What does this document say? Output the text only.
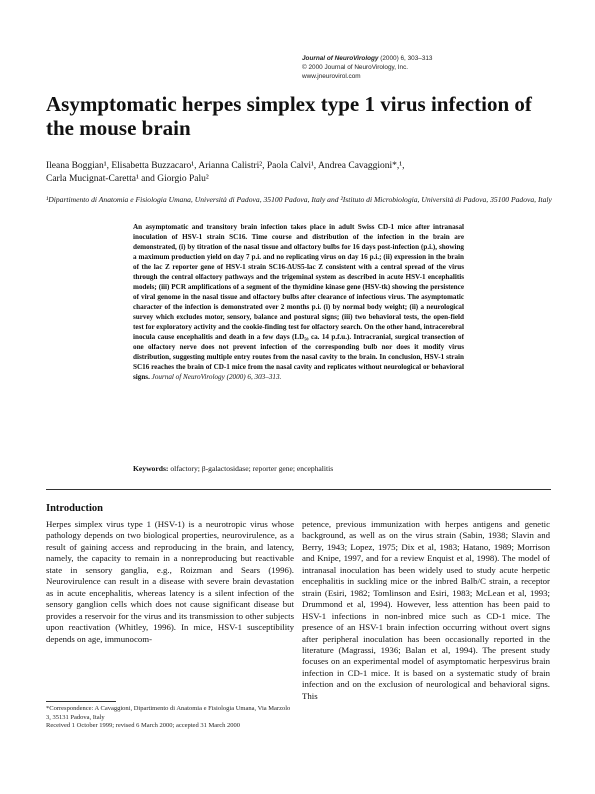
Journal of NeuroVirology (2000) 6, 303–313
© 2000 Journal of NeuroVirology, Inc.
www.jneurovirol.com
Asymptomatic herpes simplex type 1 virus infection of the mouse brain
Ileana Boggian¹, Elisabetta Buzzacaro¹, Arianna Calistri², Paola Calvi¹, Andrea Cavaggioni*,¹,
Carla Mucignat-Caretta¹ and Giorgio Palu²
¹Dipartimento di Anatomia e Fisiologia Umana, Università di Padova, 35100 Padova, Italy and ²Istituto di Microbiologia, Università di Padova, 35100 Padova, Italy

An asymptomatic and transitory brain infection takes place in adult Swiss CD-1 mice after intranasal inoculation of HSV-1 strain SC16. Time course and distribution of the infection in the brain are demonstrated, (i) by titration of the nasal tissue and olfactory bulbs for 16 days post-infection (p.i.), showing a maximum production yield on day 7 p.i. and no replicating virus on day 16 p.i.; (ii) expression in the brain of the lac Z reporter gene of HSV-1 strain SC16-ΔUS5-lac Z consistent with a central spread of the virus through the central olfactory pathways and the trigeminal system as described in acute HSV-1 encephalitis models; (iii) PCR amplifications of a segment of the thymidine kinase gene (HSV-tk) showing the persistence of viral genome in the nasal tissue and olfactory bulbs after clearance of infectious virus. The asymptomatic character of the infection is demonstrated over 2 months p.i. (i) by normal body weight; (ii) a neurological survey which excludes motor, sensory, balance and postural signs; (iii) two behavioral tests, the open-field test for exploratory activity and the cookie-finding test for olfactory search. On the other hand, intracerebral inocula cause encephalitis and death in a few days (LD₅₀ ca. 14 p.f.u.). Intracranial, surgical transection of one olfactory nerve does not prevent infection of the corresponding bulb nor does it modify virus distribution, suggesting multiple entry routes from the nasal cavity to the brain. In conclusion, HSV-1 strain SC16 reaches the brain of CD-1 mice from the nasal cavity and replicates without neurological or behavioral signs. Journal of NeuroVirology (2000) 6, 303–313.

Keywords: olfactory; β-galactosidase; reporter gene; encephalitis
Introduction

Herpes simplex virus type 1 (HSV-1) is a neurotropic virus whose pathology depends on two biological properties, neurovirulence, as a result of gaining access and reproducing in the brain, and latency, namely, the capacity to remain in a nonreproducing but reactivable state in sensory ganglia, e.g., Roizman and Sears (1996). Neurovirulence can result in a disease with severe brain devastation as in acute encephalitis, whereas latency is a silent infection of the sensory ganglion cells which does not cause significant disease but provides a reservoir for the virus and its transmission to other subjects upon reactivation (Whitley, 1996). In mice, HSV-1 susceptibility depends on age, immunocom-

petence, previous immunization with herpes antigens and genetic background, as well as on the virus strain (Sabin, 1938; Slavin and Berry, 1943; Lopez, 1975; Dix et al, 1983; Hatano, 1989; Morrison and Knipe, 1997, and for a review Enquist et al, 1998). The model of intranasal inoculation has been widely used to study acute herpetic encephalitis in suckling mice or the inbred Balb/C strain, a receptor strain (Esiri, 1982; Tomlinson and Esiri, 1983; McLean et al, 1993; Drummond et al, 1994). However, less attention has been paid to HSV-1 infections in non-inbred mice such as CD-1 mice. The presence of an HSV-1 brain infection occurring without overt signs after peripheral inoculation has been occasionally reported in the literature (Magrassi, 1936; Balan et al, 1994). The present study focuses on an experimental model of asymptomatic herpesvirus brain infection in CD-1 mice. It is based on a systematic study of brain infection and on the exclusion of neurological and behavioral signs. This

*Correspondence: A Cavaggioni, Dipartimento di Anatomia e Fisiologia Umana, Via Marzolo 3, 35131 Padova, Italy
Received 1 October 1999; revised 6 March 2000; accepted 31 March 2000
